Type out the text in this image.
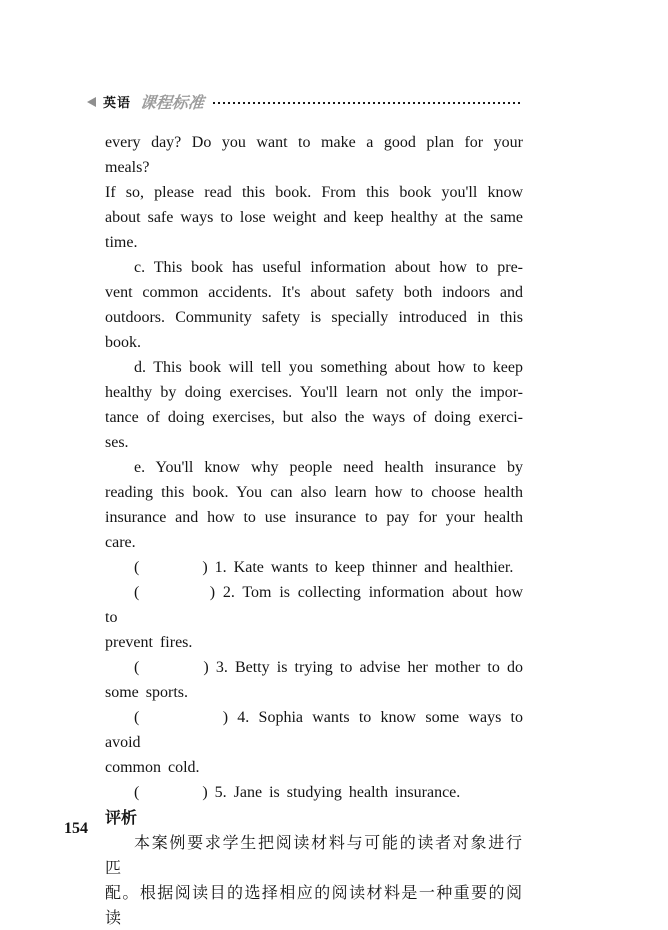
英语 课程标准
every day? Do you want to make a good plan for your meals?
If so, please read this book. From this book you'll know
about safe ways to lose weight and keep healthy at the same
time.
c. This book has useful information about how to pre-
vent common accidents. It's about safety both indoors and
outdoors. Community safety is specially introduced in this
book.
d. This book will tell you something about how to keep
healthy by doing exercises. You'll learn not only the impor-
tance of doing exercises, but also the ways of doing exerci-
ses.
e. You'll know why people need health insurance by
reading this book. You can also learn how to choose health
insurance and how to use insurance to pay for your health
care.
(         ) 1. Kate wants to keep thinner and healthier.
(         ) 2. Tom is collecting information about how to
prevent fires.
(         ) 3. Betty is trying to advise her mother to do
some sports.
(         ) 4. Sophia wants to know some ways to avoid
common cold.
(         ) 5. Jane is studying health insurance.
评析
本案例要求学生把阅读材料与可能的读者对象进行匹
配。根据阅读目的选择相应的阅读材料是一种重要的阅读
154
